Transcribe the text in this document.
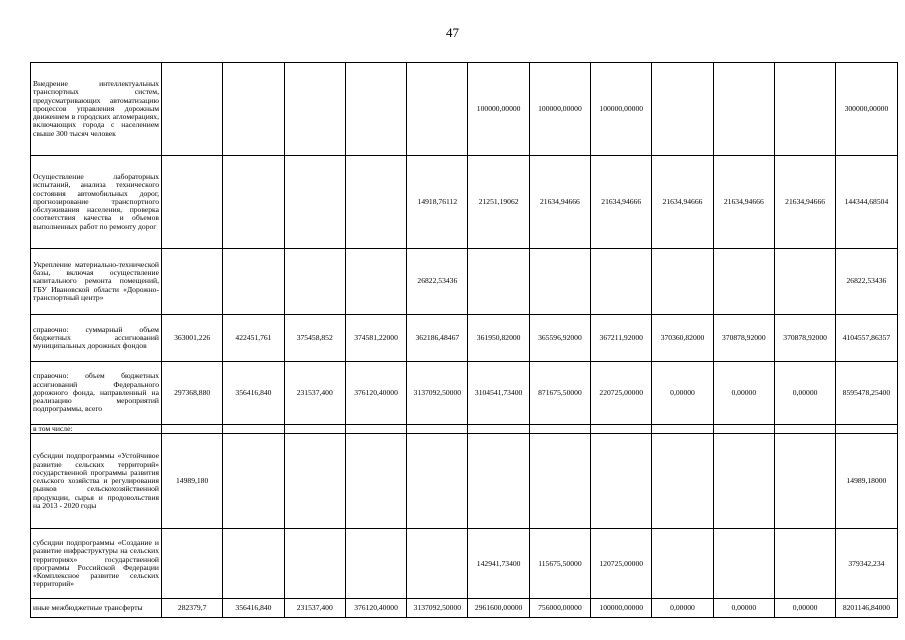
47
Внедрение интеллектуальных транспортных систем, предусматривающих автоматизацию процессов управления дорожным движением в городских агломерациях, включающих города с населением свыше 300 тысяч человек						100000,00000	100000,00000	100000,00000				300000,00000
Осуществление лабораторных испытаний, анализа технического состояния автомобильных дорог, прогнозирование транспортного обслуживания населения, проверка соответствия качества и объемов выполненных работ по ремонту дорог					14918,76112	21251,19062	21634,94666	21634,94666	21634,94666	21634,94666	21634,94666	144344,68504
Укрепление материально-технической базы, включая осуществление капитального ремонта помещений, ГБУ Ивановской области «Дорожно-транспортный центр»					26822,53436							26822,53436
справочно: суммарный объем бюджетных ассигнований муниципальных дорожных фондов	363001,226	422451,761	375458,852	374581,22000	362186,48467	361950,82000	365596,92000	367211,92000	370360,82000	370878,92000	370878,92000	4104557,86357
справочно: объем бюджетных ассигнований Федерального дорожного фонда, направленный на реализацию мероприятий подпрограммы, всего	297368,880	356416,840	231537,400	376120,40000	3137092,50000	3104541,73400	871675,50000	220725,00000	0,00000	0,00000	0,00000	8595478,25400
в том числе:												
субсидии подпрограммы «Устойчивое развитие сельских территорий» государственной программы развития сельского хозяйства и регулирования рынков сельскохозяйственной продукции, сырья и продовольствия на 2013 - 2020 годы	14989,180											14989,18000
субсидии подпрограммы «Создание и развитие инфраструктуры на сельских территориях» государственной программы Российской Федерации «Комплексное развитие сельских территорий»						142941,73400	115675,50000	120725,00000				379342,234
иные межбюджетные трансферты	282379,7	356416,840	231537,400	376120,40000	3137092,50000	2961600,00000	756000,00000	100000,00000	0,00000	0,00000	0,00000	8201146,84000
